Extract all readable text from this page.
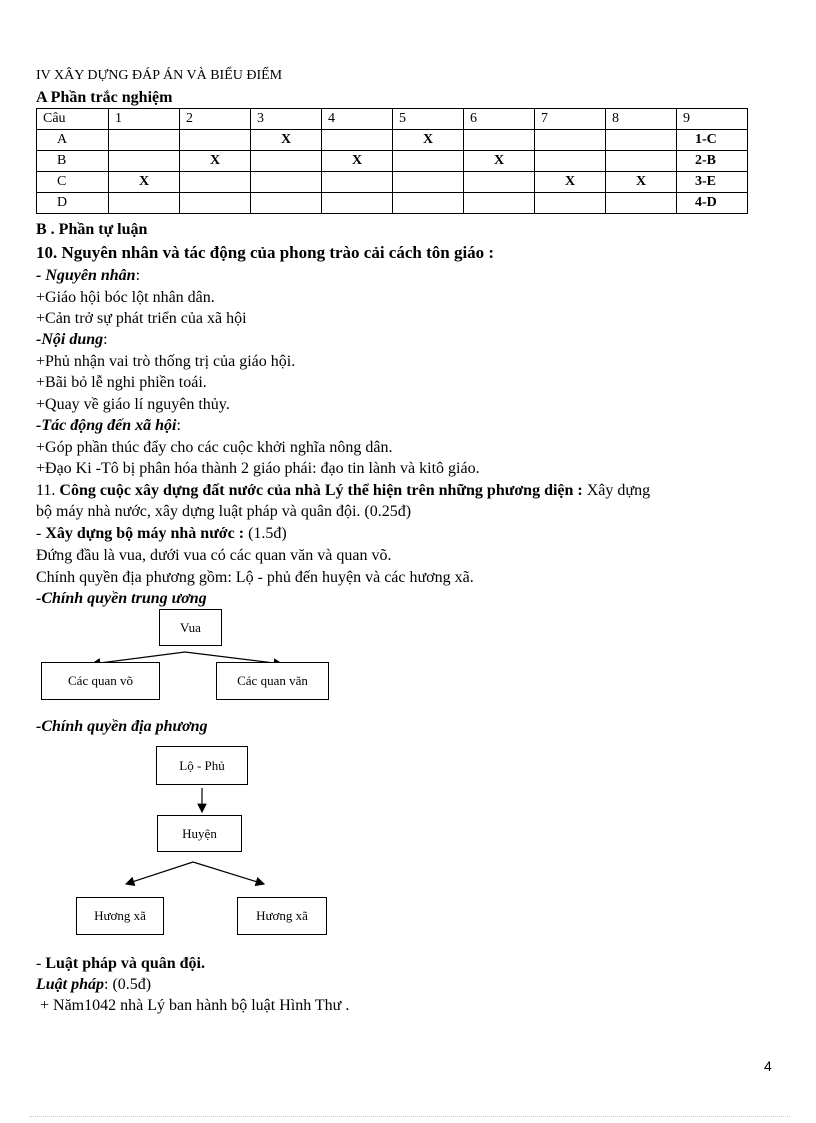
IV XÂY DỰNG ĐÁP ÁN VÀ BIỂU ĐIỂM
A Phần trắc nghiệm
Câu	1	2	3	4	5	6	7	8	9
A			X		X				1-C
B		X		X		X			2-B
C	X						X	X	3-E
D									4-D
B . Phần tự luận
10. Nguyên nhân và tác động của phong trào cải cách tôn giáo :
- Nguyên nhân:
+Giáo hội bóc lột nhân dân.
+Cản trở sự phát triển của xã hội
-Nội dung:
+Phủ nhận vai trò thống trị của giáo hội.
+Bãi bỏ lễ nghi phiền toái.
+Quay về giáo lí nguyên thủy.
-Tác động đến xã hội:
+Góp phần thúc đẩy cho các cuộc khởi nghĩa nông dân.
+Đạo Ki -Tô bị phân hóa thành 2 giáo phái: đạo tin lành và kitô giáo.
11. Công cuộc xây dựng đất nước của nhà Lý thể hiện trên những phương diện : Xây dựng
bộ máy nhà nước, xây dựng luật pháp và quân đội. (0.25đ)
- Xây dựng bộ máy nhà nước : (1.5đ)
Đứng đầu là vua, dưới vua có các quan văn và quan võ.
Chính quyền địa phương gồm: Lộ - phủ đến huyện và các hương xã.
-Chính quyền trung ương
Vua
Các quan võ	Các quan văn
-Chính quyền địa phương
Lộ - Phủ
Huyện
Hương xã	Hương xã
- Luật pháp và quân đội.
Luật pháp: (0.5đ)
+ Năm1042 nhà Lý ban hành bộ luật Hình Thư .
4
